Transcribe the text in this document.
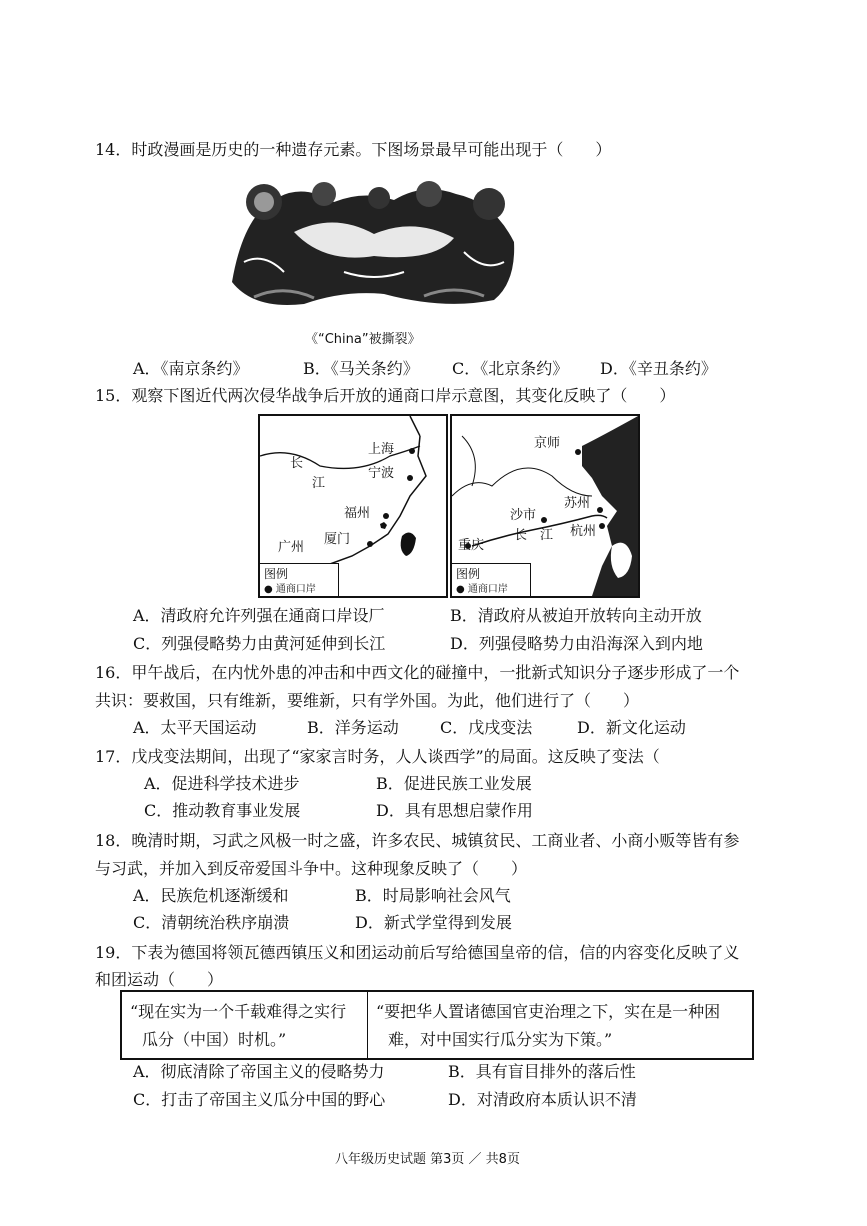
14．时政漫画是历史的一种遗存元素。下图场景最早可能出现于（　　）
《“China”被撕裂》
A．《南京条约》	B．《马关条约》 C．《北京条约》 D．《辛丑条约》
15．观察下图近代两次侵华战争后开放的通商口岸示意图，其变化反映了（　　）
上海
长
江
宁波
福州
厦门
广州
图例
● 通商口岸
京师
苏州
沙市
长 江 杭州
重庆
图例
● 通商口岸
A．清政府允许列强在通商口岸设厂	B．清政府从被迫开放转向主动开放
C．列强侵略势力由黄河延伸到长江	D．列强侵略势力由沿海深入到内地
16．甲午战后，在内忧外患的冲击和中西文化的碰撞中，一批新式知识分子逐步形成了一个
共识：要救国，只有维新，要维新，只有学外国。为此，他们进行了（　　）
A．太平天国运动	B．洋务运动	C．戊戌变法	D．新文化运动
17．戊戌变法期间，出现了“家家言时务，人人谈西学”的局面。这反映了变法（
A．促进科学技术进步	B．促进民族工业发展
C．推动教育事业发展	D．具有思想启蒙作用
18．晚清时期，习武之风极一时之盛，许多农民、城镇贫民、工商业者、小商小贩等皆有参
与习武，并加入到反帝爱国斗争中。这种现象反映了（　　）
A．民族危机逐渐缓和	B．时局影响社会风气
C．清朝统治秩序崩溃	D．新式学堂得到发展
19．下表为德国将领瓦德西镇压义和团运动前后写给德国皇帝的信，信的内容变化反映了义
和团运动（　　）
“现在实为一个千载难得之实行
瓜分（中国）时机。”
“要把华人置诸德国官吏治理之下，实在是一种困
难，对中国实行瓜分实为下策。”
A．彻底清除了帝国主义的侵略势力	B．具有盲目排外的落后性
C．打击了帝国主义瓜分中国的野心	D．对清政府本质认识不清
八年级历史试题 第3页 ／ 共8页
